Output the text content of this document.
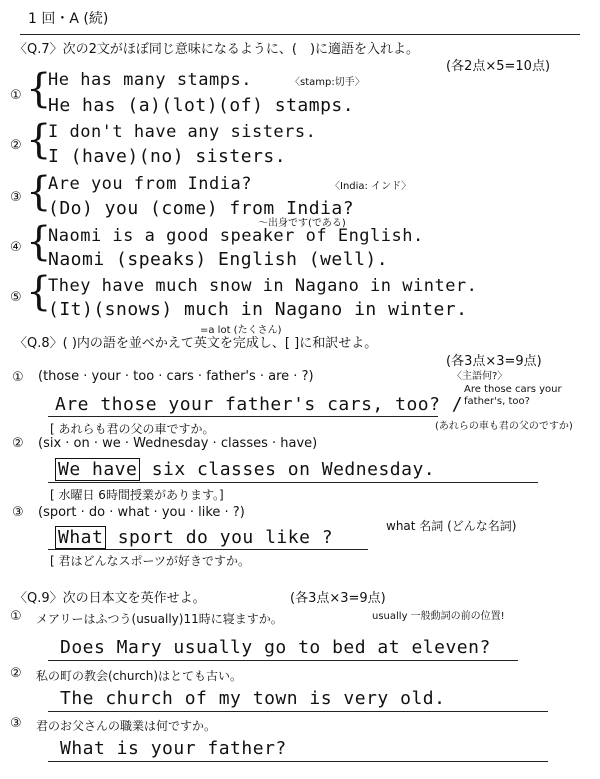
1 回・A (続)
〈Q.7〉次の2文がほぼ同じ意味になるように、(　)に適語を入れよ。
(各2点×5=10点)
① {
He has many stamps.	〈stamp:切手〉
He has (a)(lot)(of) stamps.
② {
I don't have any sisters.
I (have)(no) sisters.
③ {
Are you from India?	〈India: インド〉
(Do) you (come) from India?
～出身です(である)
④ {
Naomi is a good speaker of English.
Naomi (speaks) English (well).
⑤ {
They have much snow in Nagano in winter.
(It)(snows) much in Nagano in winter.
=a lot (たくさん)
〈Q.8〉( )内の語を並べかえて英文を完成し、[ ]に和訳せよ。
(各3点×3=9点)
① (those · your · too · cars · father's · are · ?)	〈主語何?〉
Are those your father's cars, too? /
Are those cars your father's, too?
[ あれらも君の父の車ですか。	(あれらの車も君の父のですか)
② (six · on · we · Wednesday · classes · have)
We have six classes on Wednesday.
[ 水曜日 6時間授業があります。]
③ (sport · do · what · you · like · ?)
What sport do you like ?
what 名詞 (どんな名詞)
[ 君はどんなスポーツが好きですか。
〈Q.9〉次の日本文を英作せよ。	(各3点×3=9点)
① メアリーはふつう(usually)11時に寝ますか。	usually 一般動詞の前の位置!
Does Mary usually go to bed at eleven?
② 私の町の教会(church)はとても古い。
The church of my town is very old.
③ 君のお父さんの職業は何ですか。
What is your father?
